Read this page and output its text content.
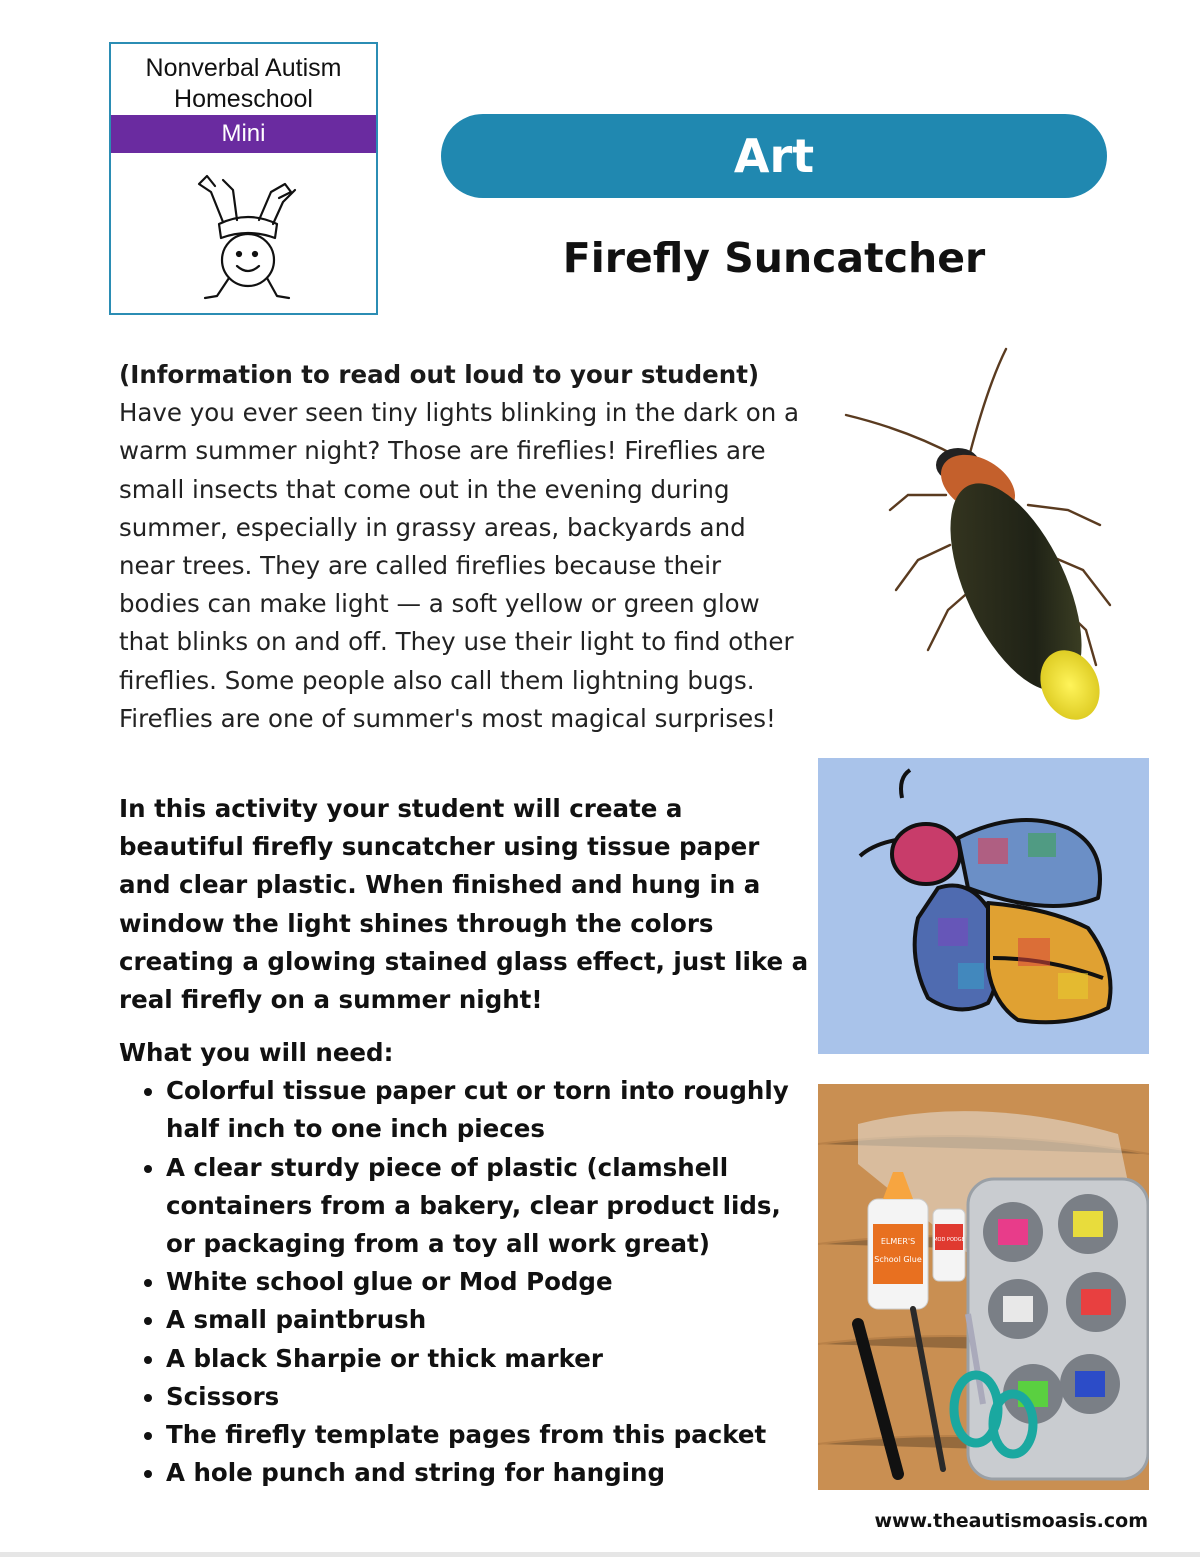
Nonverbal Autism
Homeschool
Mini	Art
Firefly Suncatcher
(Information to read out loud to your student)
Have you ever seen tiny lights blinking in the dark on a warm summer night? Those are fireflies! Fireflies are small insects that come out in the evening during summer, especially in grassy areas, backyards and near trees. They are called fireflies because their bodies can make light — a soft yellow or green glow that blinks on and off. They use their light to find other fireflies. Some people also call them lightning bugs. Fireflies are one of summer's most magical surprises!
In this activity your student will create a beautiful firefly suncatcher using tissue paper and clear plastic. When finished and hung in a window the light shines through the colors creating a glowing stained glass effect, just like a real firefly on a summer night!
What you will need:
• Colorful tissue paper cut or torn into roughly half inch to one inch pieces
• A clear sturdy piece of plastic (clamshell containers from a bakery, clear product lids, or packaging from a toy all work great)
• White school glue or Mod Podge
• A small paintbrush
• A black Sharpie or thick marker
• Scissors
• The firefly template pages from this packet
• A hole punch and string for hanging
ELMER'S
School Glue
MOD PODGE
www.theautismoasis.com
